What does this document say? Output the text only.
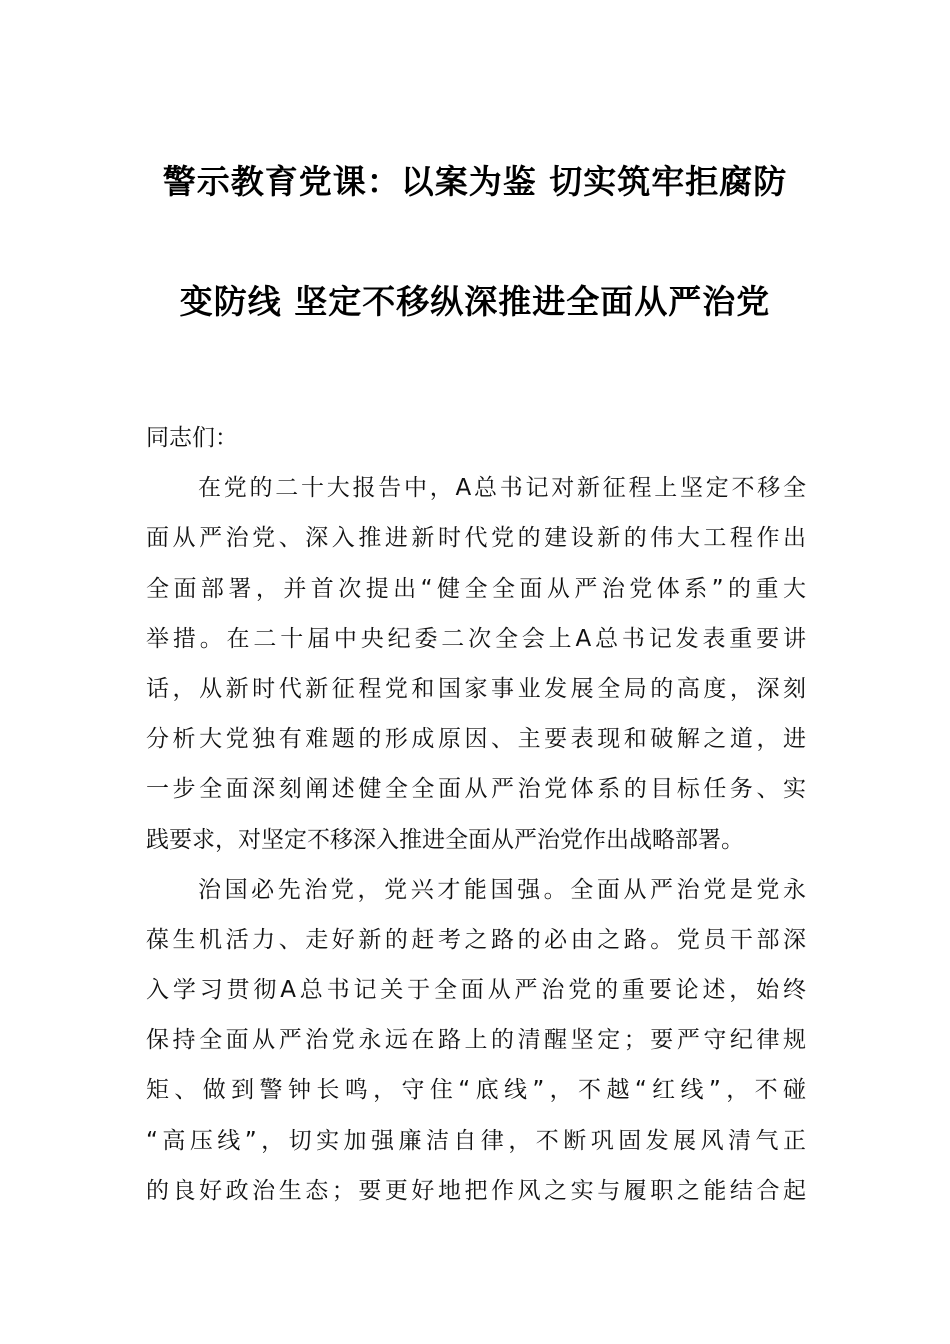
警示教育党课：以案为鉴 切实筑牢拒腐防
变防线 坚定不移纵深推进全面从严治党

同志们：

在党的二十大报告中，A总书记对新征程上坚定不移全
面从严治党、深入推进新时代党的建设新的伟大工程作出
全面部署，并首次提出“健全全面从严治党体系”的重大
举措。在二十届中央纪委二次全会上A总书记发表重要讲
话，从新时代新征程党和国家事业发展全局的高度，深刻
分析大党独有难题的形成原因、主要表现和破解之道，进
一步全面深刻阐述健全全面从严治党体系的目标任务、实
践要求，对坚定不移深入推进全面从严治党作出战略部署。
治国必先治党，党兴才能国强。全面从严治党是党永
葆生机活力、走好新的赶考之路的必由之路。党员干部深
入学习贯彻A总书记关于全面从严治党的重要论述，始终
保持全面从严治党永远在路上的清醒坚定；要严守纪律规
矩、做到警钟长鸣，守住“底线”，不越“红线”，不碰
“高压线”，切实加强廉洁自律，不断巩固发展风清气正
的良好政治生态；要更好地把作风之实与履职之能结合起
